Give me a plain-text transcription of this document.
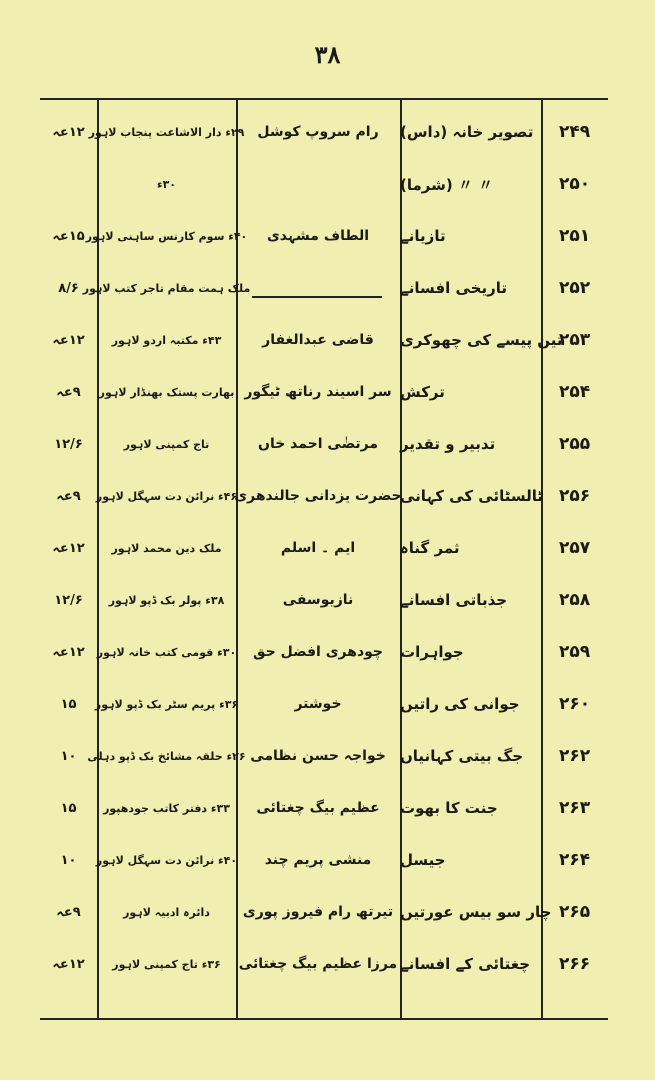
۳۸
۲۴۹
تصویر خانہ (داس)
رام سروپ کوشل
۲۹ء دار الاشاعت پنجاب لاہور
۱۲عہ
۲۵۰
〃 〃 (شرما)
۳۰ء
۲۵۱
تازیانے
الطاف مشہدی
۴۰ء سوم کارنس ساہنی لاہور
۱۵عہ
۲۵۲
تاریخی افسانے
ملک ہمت مقام تاجر کتب لاہور
۸/۶
۲۵۳
تین پیسے کی چھوکری
قاضی عبدالغفار
۴۳ء مکتبہ اردو لاہور
۱۲عہ
۲۵۴
ترکش
سر اسیند رناتھ ٹیگور
بھارت پستک بھنڈار لاہور
۹عہ
۲۵۵
تدبیر و تقدیر
مرتضٰی احمد خاں
تاج کمپنی لاہور
۱۲/۶
۲۵۶
ٹالسٹائی کی کہانی
حضرت یزدانی جالندھری
۴۶ء نرائن دت سہگل لاہور
۹عہ
۲۵۷
ثمر گناہ
ایم ۔ اسلم
ملک دین محمد لاہور
۱۲عہ
۲۵۸
جذباتی افسانے
نازیوسفی
۳۸ء پولر بک ڈپو لاہور
۱۲/۶
۲۵۹
جواہرات
چودھری افضل حق
۳۰ء قومی کتب خانہ لاہور
۱۲عہ
۲۶۰
جوانی کی راتیں
خوشتر
۳۶ء پریم سٹر بک ڈپو لاہور
۱۵
۲۶۲
جگ بیتی کہانیاں
خواجہ حسن نظامی
۲۶ء حلقہ مشائخ بک ڈپو دہلی
۱۰
۲۶۳
جنت کا بھوت
عظیم بیگ چغتائی
۳۳ء دفتر کاتب جودھپور
۱۵
۲۶۴
جیسل
منشی پریم چند
۴۰ء نرائن دت سہگل لاہور
۱۰
۲۶۵
چار سو بیس عورتیں
تیرتھ رام فیروز پوری
دائرہ ادبیہ لاہور
۹عہ
۲۶۶
چغتائی کے افسانے
مرزا عظیم بیگ چغتائی
۳۶ء تاج کمپنی لاہور
۱۲عہ
